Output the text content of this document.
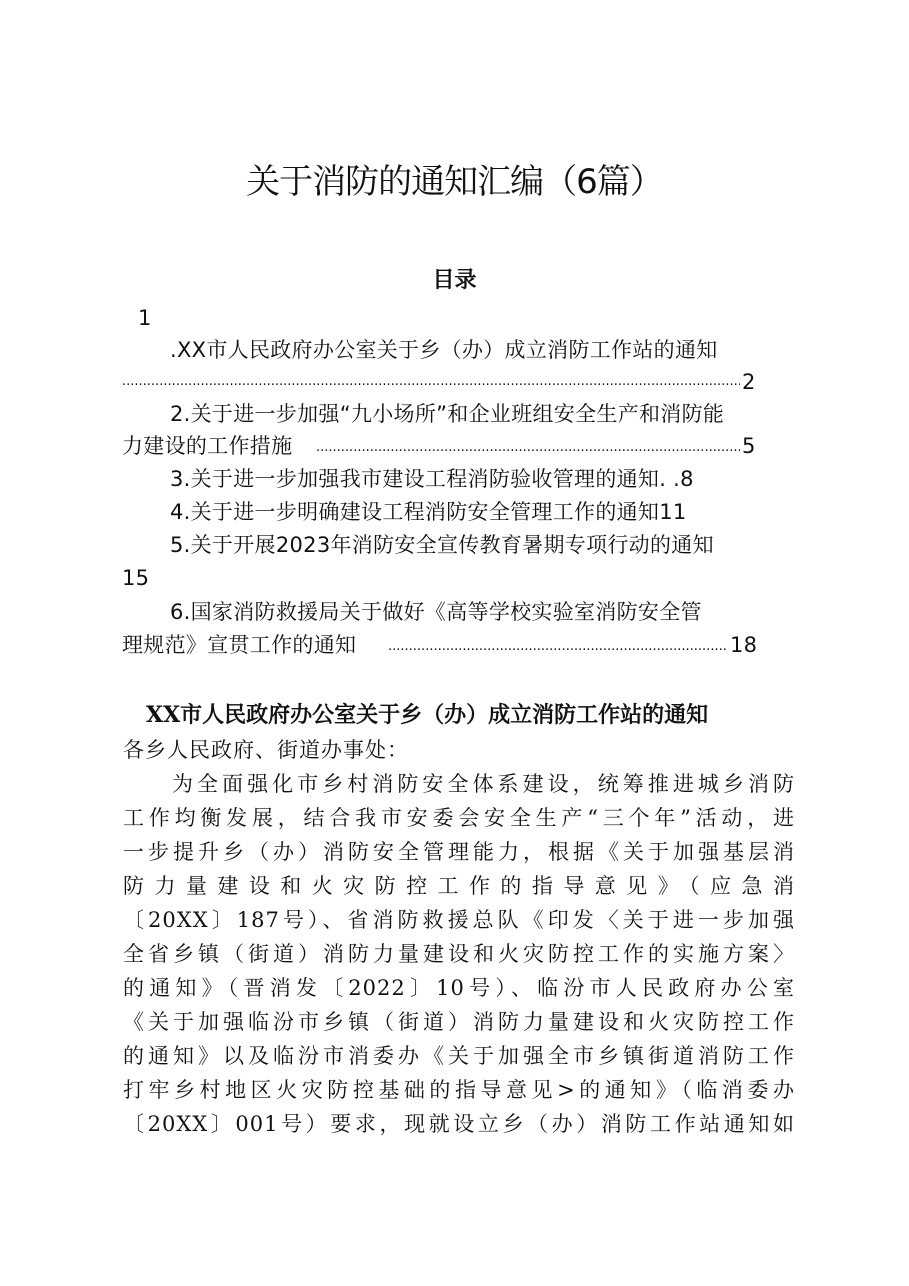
关于消防的通知汇编（6篇）
目录
1
.XX市人民政府办公室关于乡（办）成立消防工作站的通知
.....
2
2.关于进一步加强“九小场所”和企业班组安全生产和消防能
力建设的工作措施 .....	5
3.关于进一步加强我市建设工程消防验收管理的通知. .8
4.关于进一步明确建设工程消防安全管理工作的通知11
5.关于开展2023年消防安全宣传教育暑期专项行动的通知
15
6.国家消防救援局关于做好《高等学校实验室消防安全管
理规范》宣贯工作的通知 .....	18
XX市人民政府办公室关于乡（办）成立消防工作站的通知
各乡人民政府、街道办事处：
为全面强化市乡村消防安全体系建设，统筹推进城乡消防
工作均衡发展，结合我市安委会安全生产“三个年”活动，进
一步提升乡（办）消防安全管理能力，根据《关于加强基层消
防力量建设和火灾防控工作的指导意见》（应急消
〔20XX〕187号）、省消防救援总队《印发〈关于进一步加强
全省乡镇（街道）消防力量建设和火灾防控工作的实施方案〉
的通知》（晋消发〔2022〕10号）、临汾市人民政府办公室
《关于加强临汾市乡镇（街道）消防力量建设和火灾防控工作
的通知》以及临汾市消委办《关于加强全市乡镇街道消防工作
打牢乡村地区火灾防控基础的指导意见>的通知》（临消委办
〔20XX〕001号）要求，现就设立乡（办）消防工作站通知如
